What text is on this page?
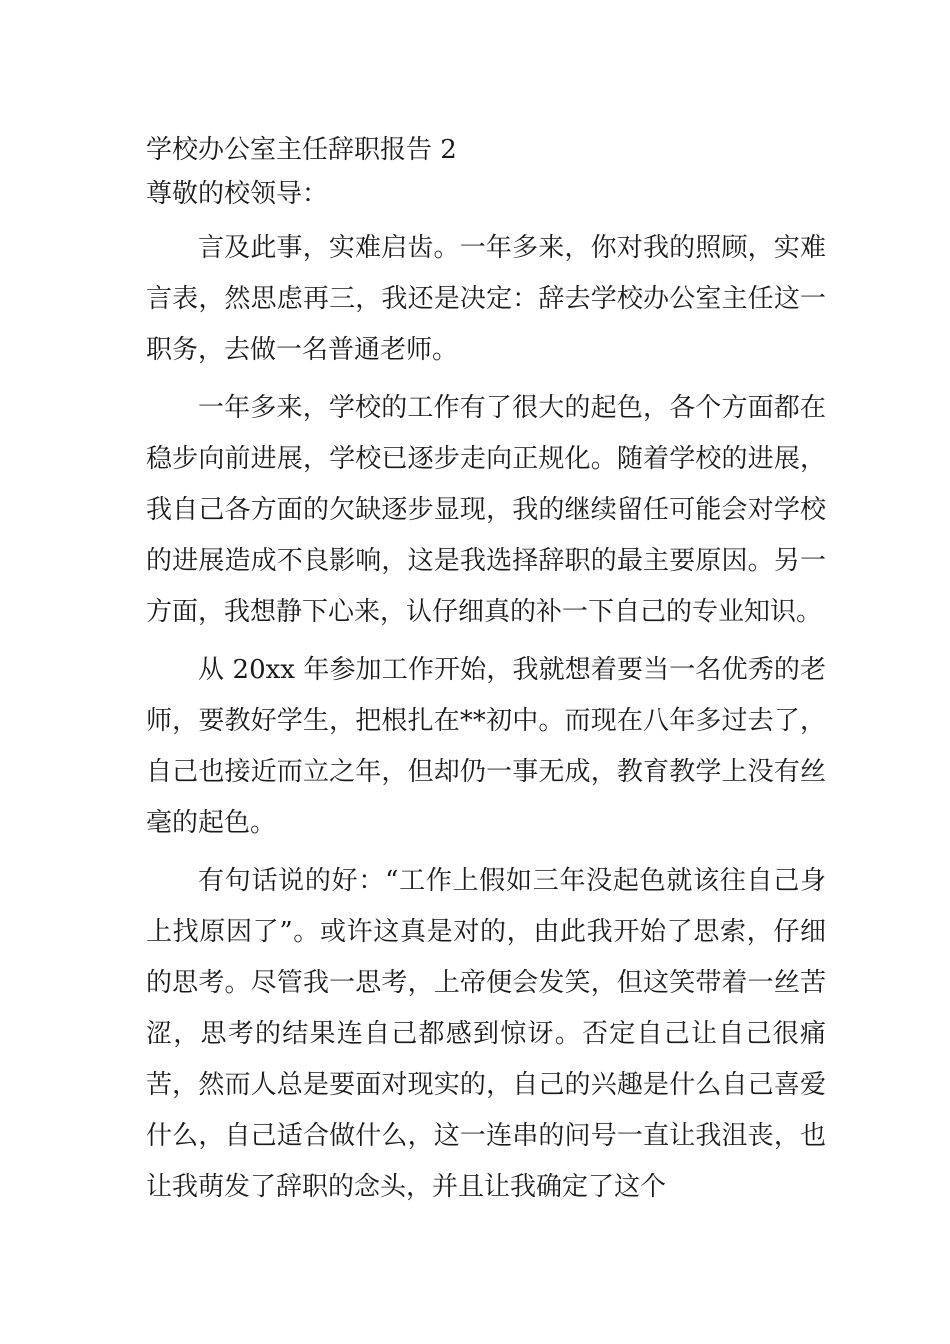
学校办公室主任辞职报告 2

尊敬的校领导：

言及此事，实难启齿。一年多来，你对我的照顾，实难言表，然思虑再三，我还是决定：辞去学校办公室主任这一职务，去做一名普通老师。

一年多来，学校的工作有了很大的起色，各个方面都在稳步向前进展，学校已逐步走向正规化。随着学校的进展，我自己各方面的欠缺逐步显现，我的继续留任可能会对学校的进展造成不良影响，这是我选择辞职的最主要原因。另一方面，我想静下心来，认仔细真的补一下自己的专业知识。

从 20xx 年参加工作开始，我就想着要当一名优秀的老师，要教好学生，把根扎在**初中。而现在八年多过去了，自己也接近而立之年，但却仍一事无成，教育教学上没有丝毫的起色。

有句话说的好：“工作上假如三年没起色就该往自己身上找原因了”。或许这真是对的，由此我开始了思索，仔细的思考。尽管我一思考，上帝便会发笑，但这笑带着一丝苦涩，思考的结果连自己都感到惊讶。否定自己让自己很痛苦，然而人总是要面对现实的，自己的兴趣是什么自己喜爱什么，自己适合做什么，这一连串的问号一直让我沮丧，也让我萌发了辞职的念头，并且让我确定了这个
